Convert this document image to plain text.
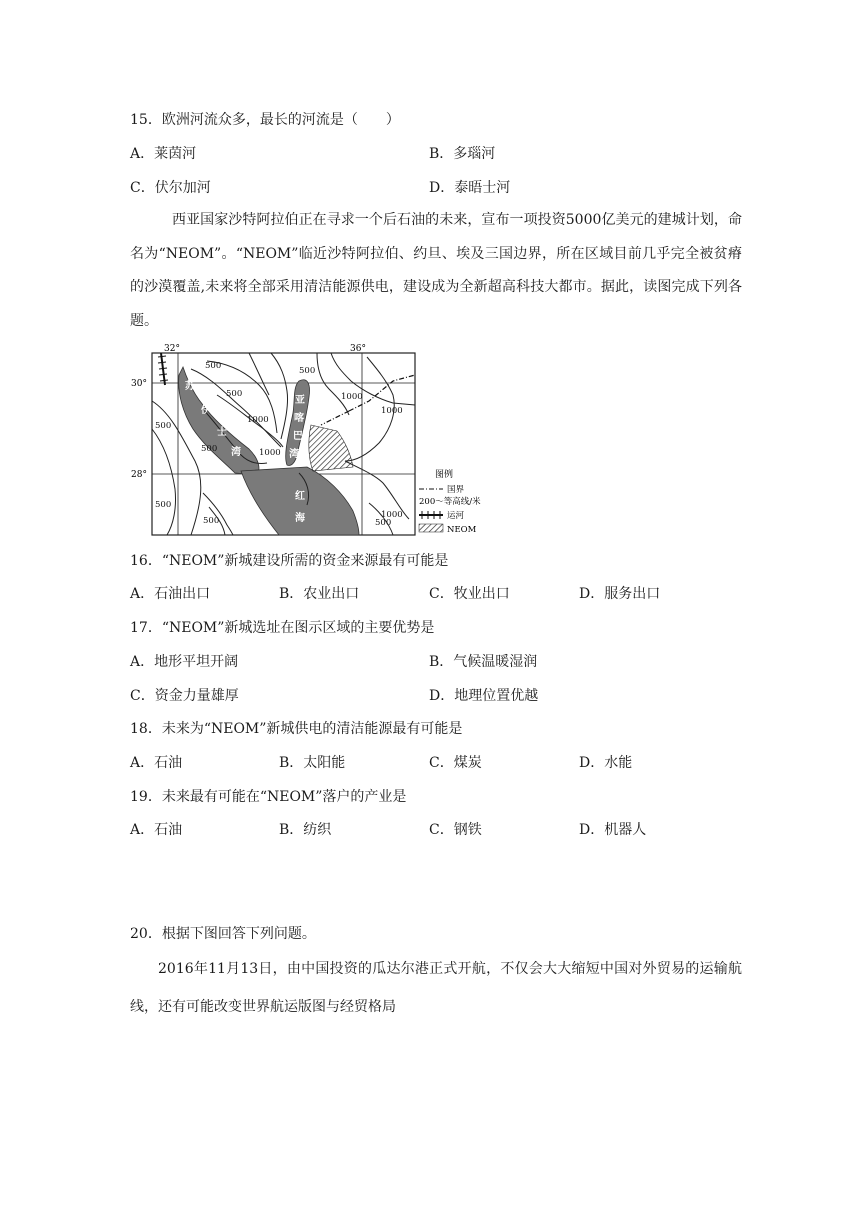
15．欧洲河流众多，最长的河流是（　　）
A．莱茵河	B．多瑙河
C．伏尔加河	D．泰晤士河
西亚国家沙特阿拉伯正在寻求一个后石油的未来，宣布一项投资5000亿美元的建城计划，命名为“NEOM”。“NEOM”临近沙特阿拉伯、约旦、埃及三国边界，所在区域目前几乎完全被贫瘠的沙漠覆盖,未来将全部采用清洁能源供电，建设成为全新超高科技大都市。据此，读图完成下列各题。
32°	36°
30°
28°
500
500
1000
500
1000
1000
500
1000
500
500	500
1000
500
苏
伊
士
湾
亚
喀
巴
湾
红
海
图例
国界
200～等高线/米
运河
NEOM
16．“NEOM”新城建设所需的资金来源最有可能是
A．石油出口	B．农业出口	C．牧业出口	D．服务出口
17．“NEOM”新城选址在图示区域的主要优势是
A．地形平坦开阔	B．气候温暖湿润
C．资金力量雄厚	D．地理位置优越
18．未来为“NEOM”新城供电的清洁能源最有可能是
A．石油	B．太阳能	C．煤炭	D．水能
19．未来最有可能在“NEOM”落户的产业是
A．石油	B．纺织	C．钢铁	D．机器人
20．根据下图回答下列问题。
2016年11月13日，由中国投资的瓜达尔港正式开航，不仅会大大缩短中国对外贸易的运输航线，还有可能改变世界航运版图与经贸格局
